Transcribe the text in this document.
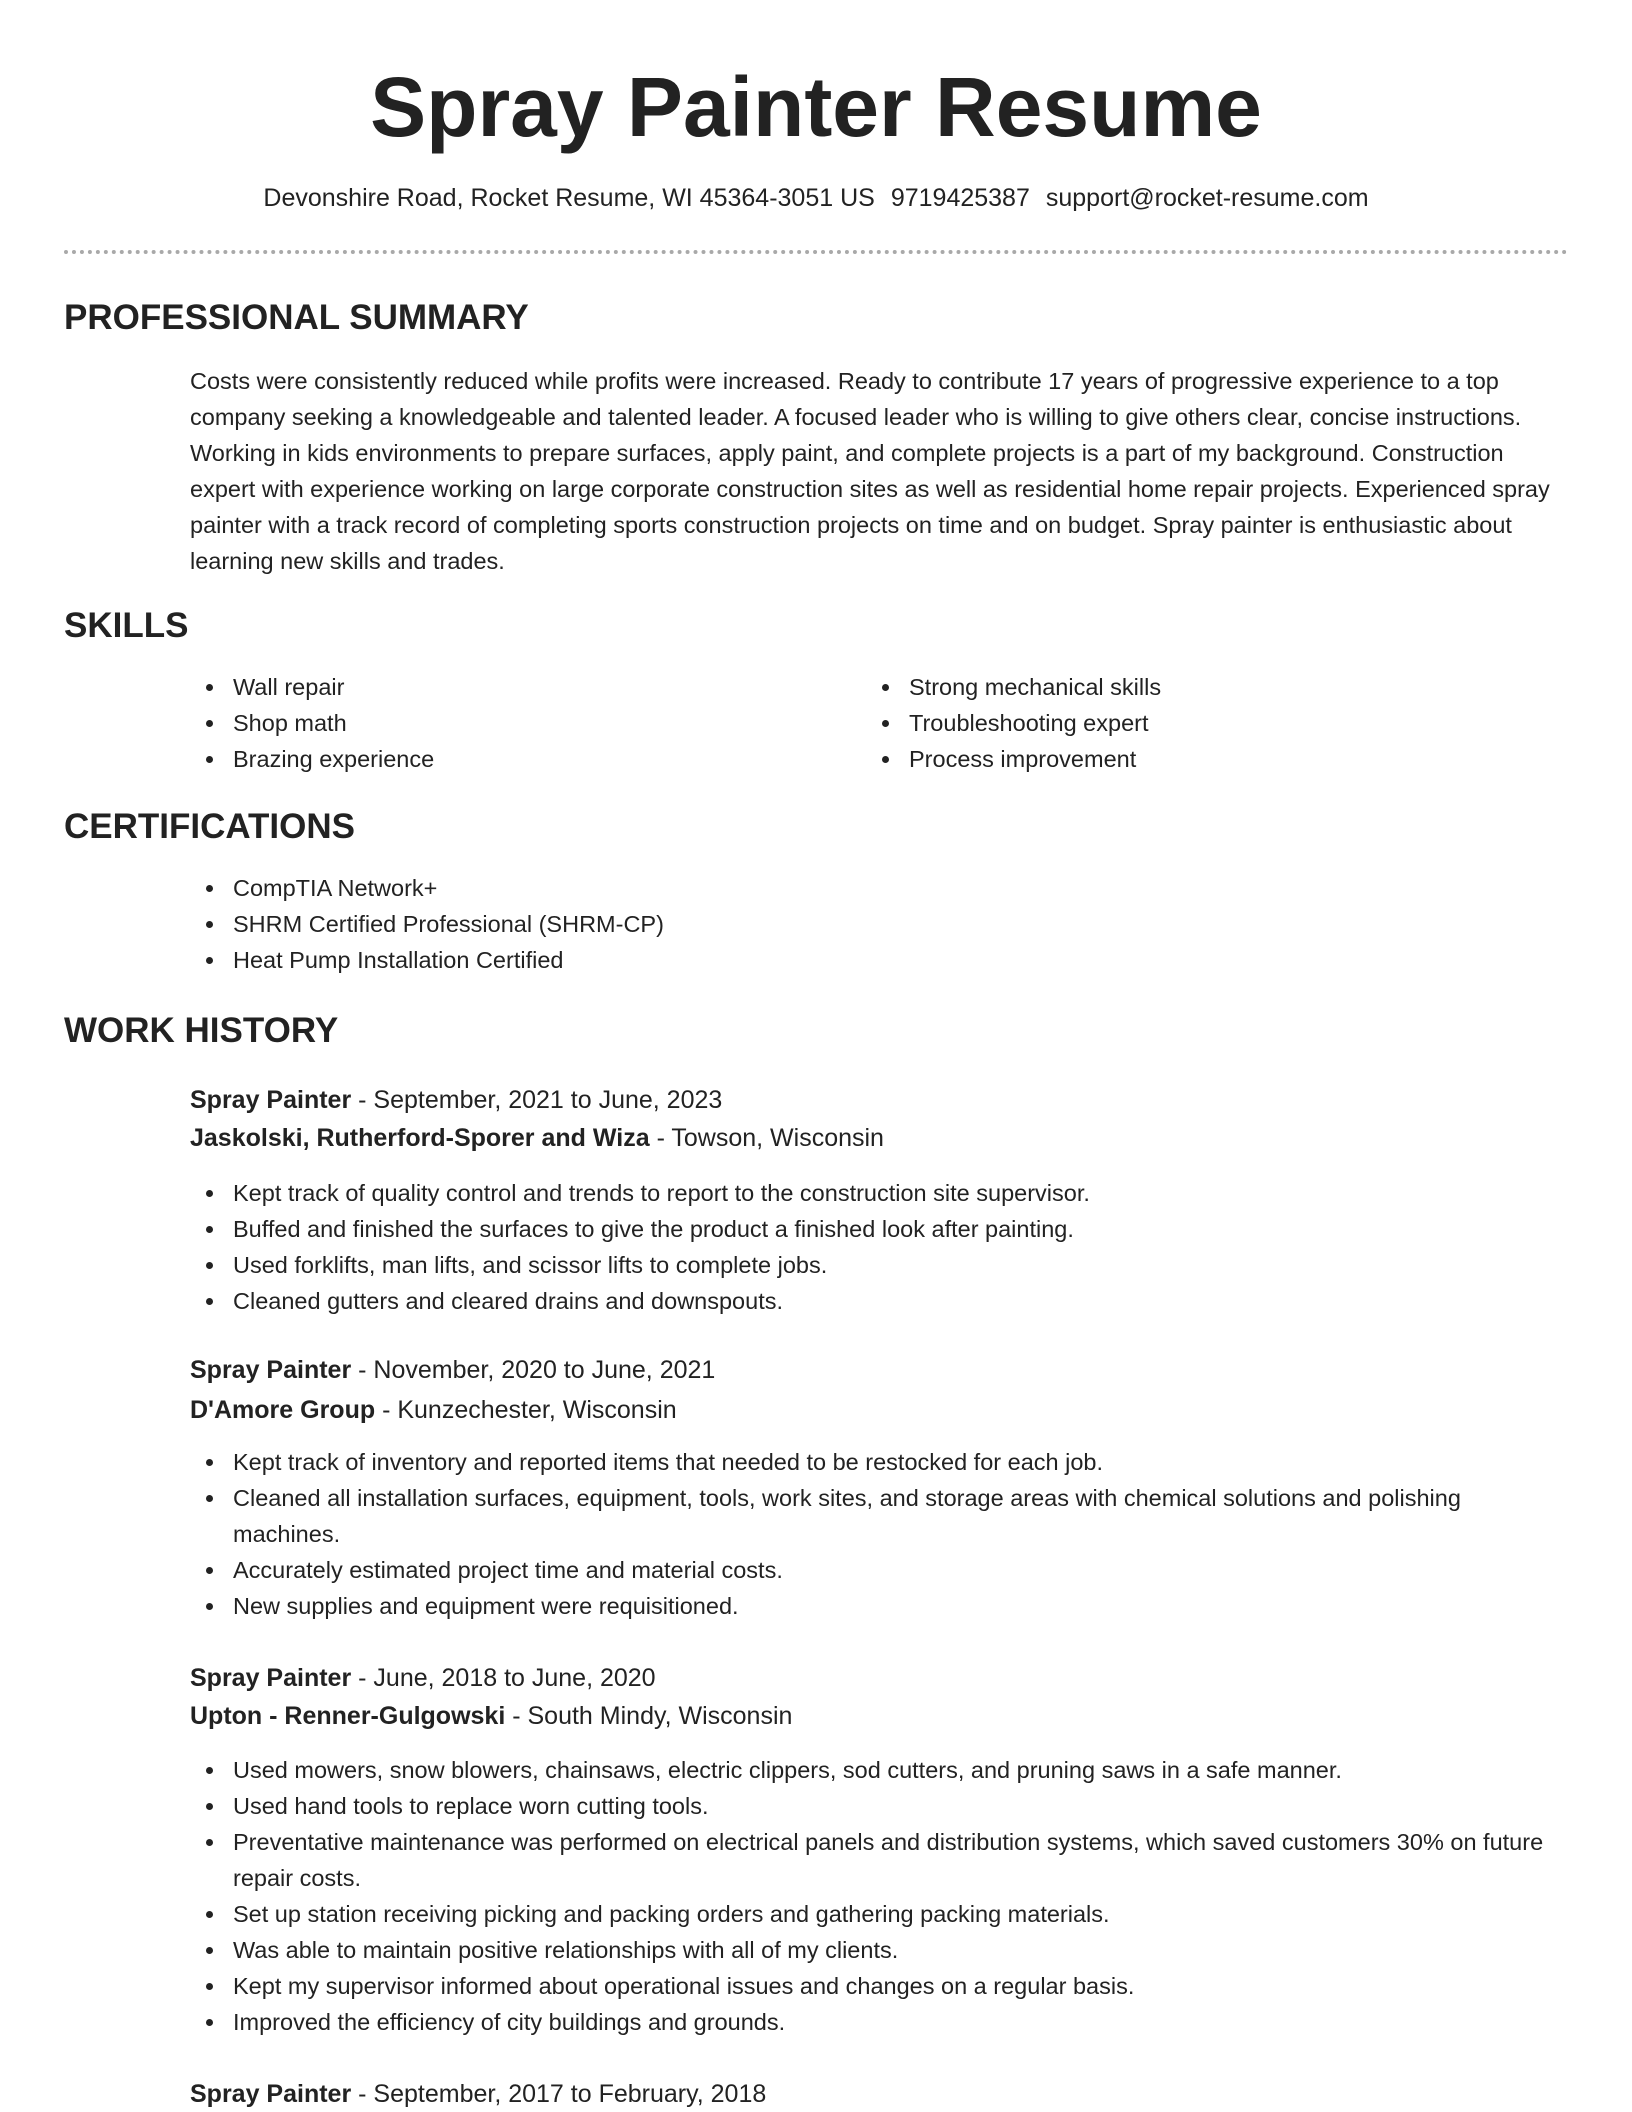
Spray Painter Resume
Devonshire Road, Rocket Resume, WI 45364-3051 US 9719425387 support@rocket-resume.com
PROFESSIONAL SUMMARY

Costs were consistently reduced while profits were increased. Ready to contribute 17 years of progressive experience to a top company seeking a knowledgeable and talented leader. A focused leader who is willing to give others clear, concise instructions. Working in kids environments to prepare surfaces, apply paint, and complete projects is a part of my background. Construction expert with experience working on large corporate construction sites as well as residential home repair projects. Experienced spray painter with a track record of completing sports construction projects on time and on budget. Spray painter is enthusiastic about learning new skills and trades.

SKILLS
Wall repair
Shop math
Brazing experience
Strong mechanical skills
Troubleshooting expert
Process improvement
CERTIFICATIONS
CompTIA Network+
SHRM Certified Professional (SHRM-CP)
Heat Pump Installation Certified
WORK HISTORY
Spray Painter - September, 2021 to June, 2023
Jaskolski, Rutherford-Sporer and Wiza - Towson, Wisconsin
Kept track of quality control and trends to report to the construction site supervisor.
Buffed and finished the surfaces to give the product a finished look after painting.
Used forklifts, man lifts, and scissor lifts to complete jobs.
Cleaned gutters and cleared drains and downspouts.
Spray Painter - November, 2020 to June, 2021
D'Amore Group - Kunzechester, Wisconsin
Kept track of inventory and reported items that needed to be restocked for each job.
Cleaned all installation surfaces, equipment, tools, work sites, and storage areas with chemical solutions and polishing machines.
Accurately estimated project time and material costs.
New supplies and equipment were requisitioned.
Spray Painter - June, 2018 to June, 2020
Upton - Renner-Gulgowski - South Mindy, Wisconsin
Used mowers, snow blowers, chainsaws, electric clippers, sod cutters, and pruning saws in a safe manner.
Used hand tools to replace worn cutting tools.
Preventative maintenance was performed on electrical panels and distribution systems, which saved customers 30% on future repair costs.
Set up station receiving picking and packing orders and gathering packing materials.
Was able to maintain positive relationships with all of my clients.
Kept my supervisor informed about operational issues and changes on a regular basis.
Improved the efficiency of city buildings and grounds.
Spray Painter - September, 2017 to February, 2018
